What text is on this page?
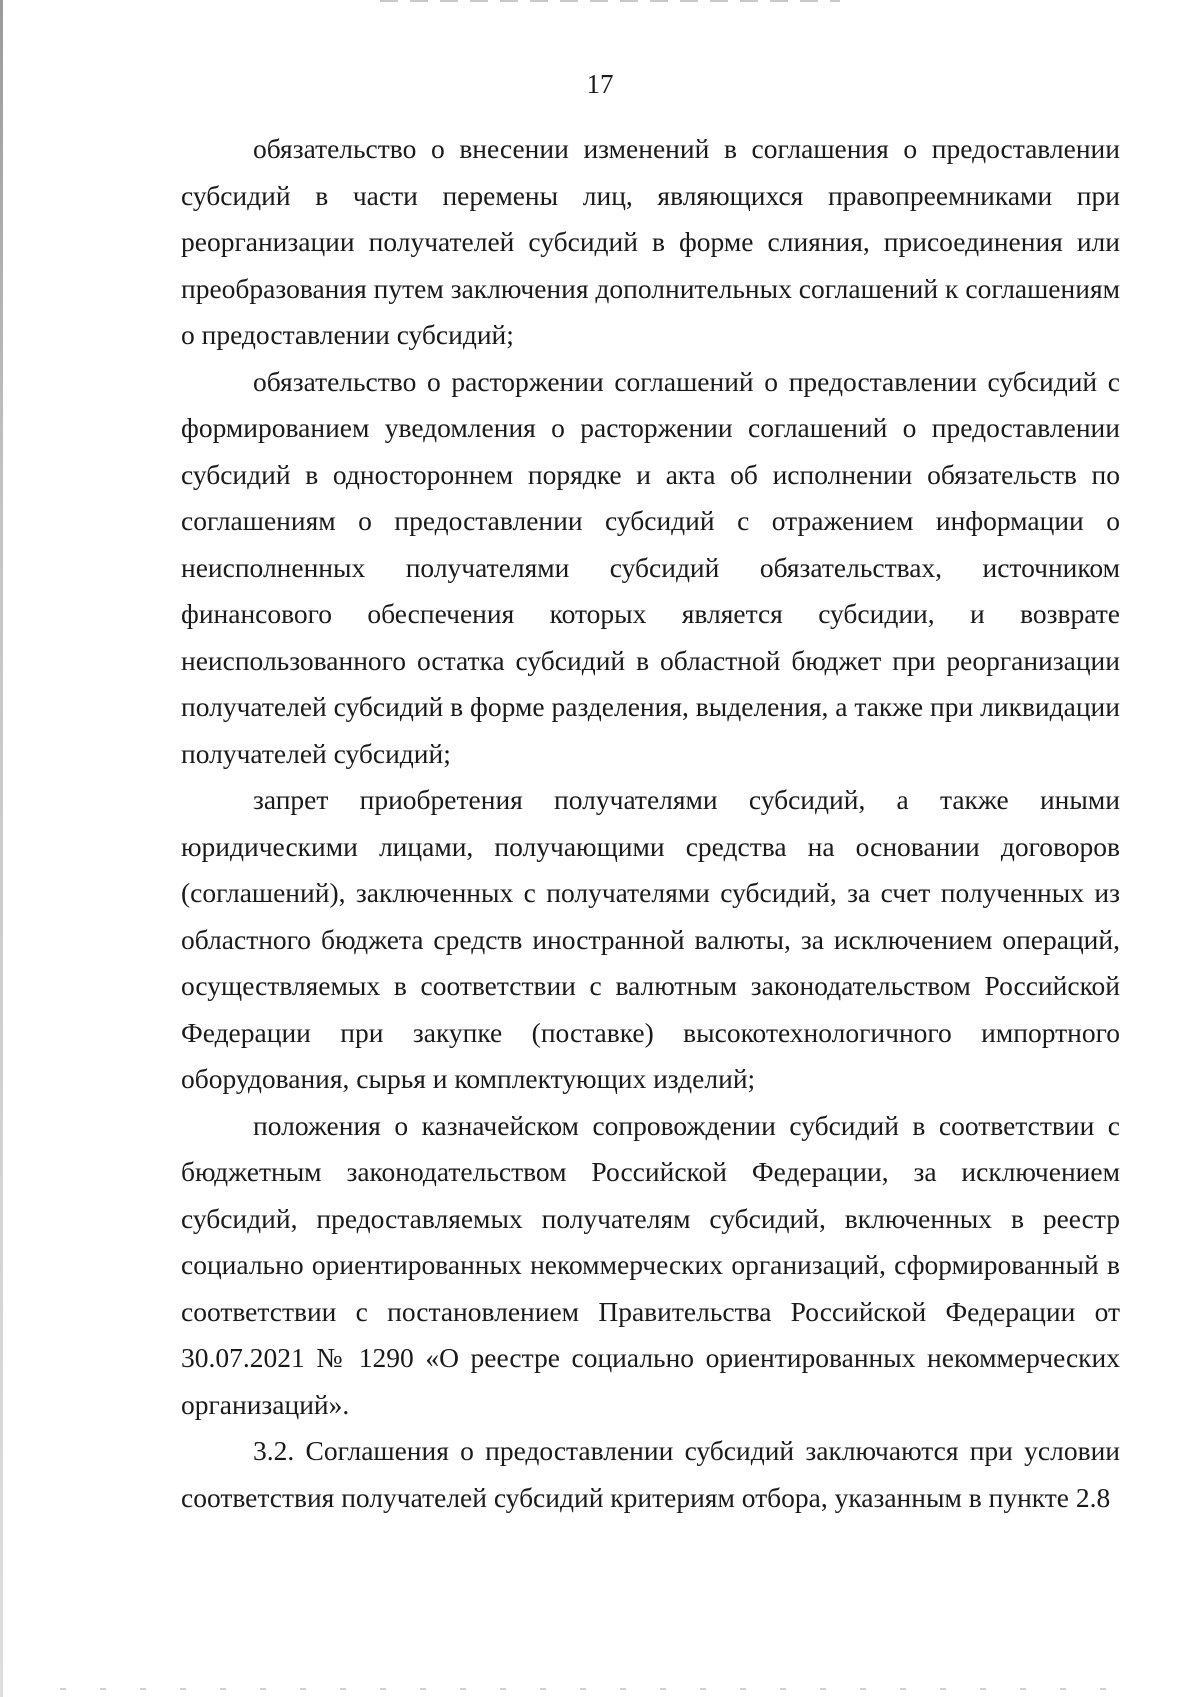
17

обязательство о внесении изменений в соглашения о предоставлении субсидий в части перемены лиц, являющихся правопреемниками при реорганизации получателей субсидий в форме слияния, присоединения или преобразования путем заключения дополнительных соглашений к соглашениям о предоставлении субсидий;

обязательство о расторжении соглашений о предоставлении субсидий с формированием уведомления о расторжении соглашений о предоставлении субсидий в одностороннем порядке и акта об исполнении обязательств по соглашениям о предоставлении субсидий с отражением информации о неисполненных получателями субсидий обязательствах, источником финансового обеспечения которых является субсидии, и возврате неиспользованного остатка субсидий в областной бюджет при реорганизации получателей субсидий в форме разделения, выделения, а также при ликвидации получателей субсидий;

запрет приобретения получателями субсидий, а также иными юридическими лицами, получающими средства на основании договоров (соглашений), заключенных с получателями субсидий, за счет полученных из областного бюджета средств иностранной валюты, за исключением операций, осуществляемых в соответствии с валютным законодательством Российской Федерации при закупке (поставке) высокотехнологичного импортного оборудования, сырья и комплектующих изделий;

положения о казначейском сопровождении субсидий в соответствии с бюджетным законодательством Российской Федерации, за исключением субсидий, предоставляемых получателям субсидий, включенных в реестр социально ориентированных некоммерческих организаций, сформированный в соответствии с постановлением Правительства Российской Федерации от 30.07.2021 № 1290 «О реестре социально ориентированных некоммерческих организаций».

3.2. Соглашения о предоставлении субсидий заключаются при условии соответствия получателей субсидий критериям отбора, указанным в пункте 2.8
